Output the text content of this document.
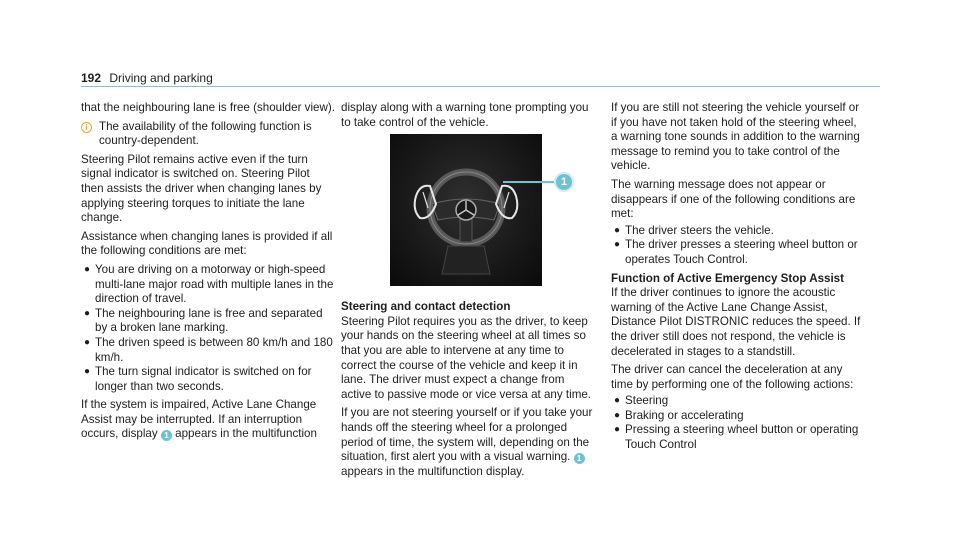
192 Driving and parking

that the neighbouring lane is free (shoulder view).

i The availability of the following function is country-dependent.

Steering Pilot remains active even if the turn signal indicator is switched on. Steering Pilot then assists the driver when changing lanes by applying steering torques to initiate the lane change.

Assistance when changing lanes is provided if all the following conditions are met:

● You are driving on a motorway or high-speed multi-lane major road with multiple lanes in the direction of travel.
● The neighbouring lane is free and separated by a broken lane marking.
● The driven speed is between 80 km/h and 180 km/h.
● The turn signal indicator is switched on for longer than two seconds.

If the system is impaired, Active Lane Change Assist may be interrupted. If an interruption occurs, display 1 appears in the multifunction

display along with a warning tone prompting you to take control of the vehicle.

1

Steering and contact detection

Steering Pilot requires you as the driver, to keep your hands on the steering wheel at all times so that you are able to intervene at any time to correct the course of the vehicle and keep it in lane. The driver must expect a change from active to passive mode or vice versa at any time.

If you are not steering yourself or if you take your hands off the steering wheel for a prolonged period of time, the system will, depending on the situation, first alert you with a visual warning. 1 appears in the multifunction display.

If you are still not steering the vehicle yourself or if you have not taken hold of the steering wheel, a warning tone sounds in addition to the warning message to remind you to take control of the vehicle.

The warning message does not appear or disappears if one of the following conditions are met:

● The driver steers the vehicle.
● The driver presses a steering wheel button or operates Touch Control.

Function of Active Emergency Stop Assist

If the driver continues to ignore the acoustic warning of the Active Lane Change Assist, Distance Pilot DISTRONIC reduces the speed. If the driver still does not respond, the vehicle is decelerated in stages to a standstill.

The driver can cancel the deceleration at any time by performing one of the following actions:

● Steering
● Braking or accelerating
● Pressing a steering wheel button or operating Touch Control
